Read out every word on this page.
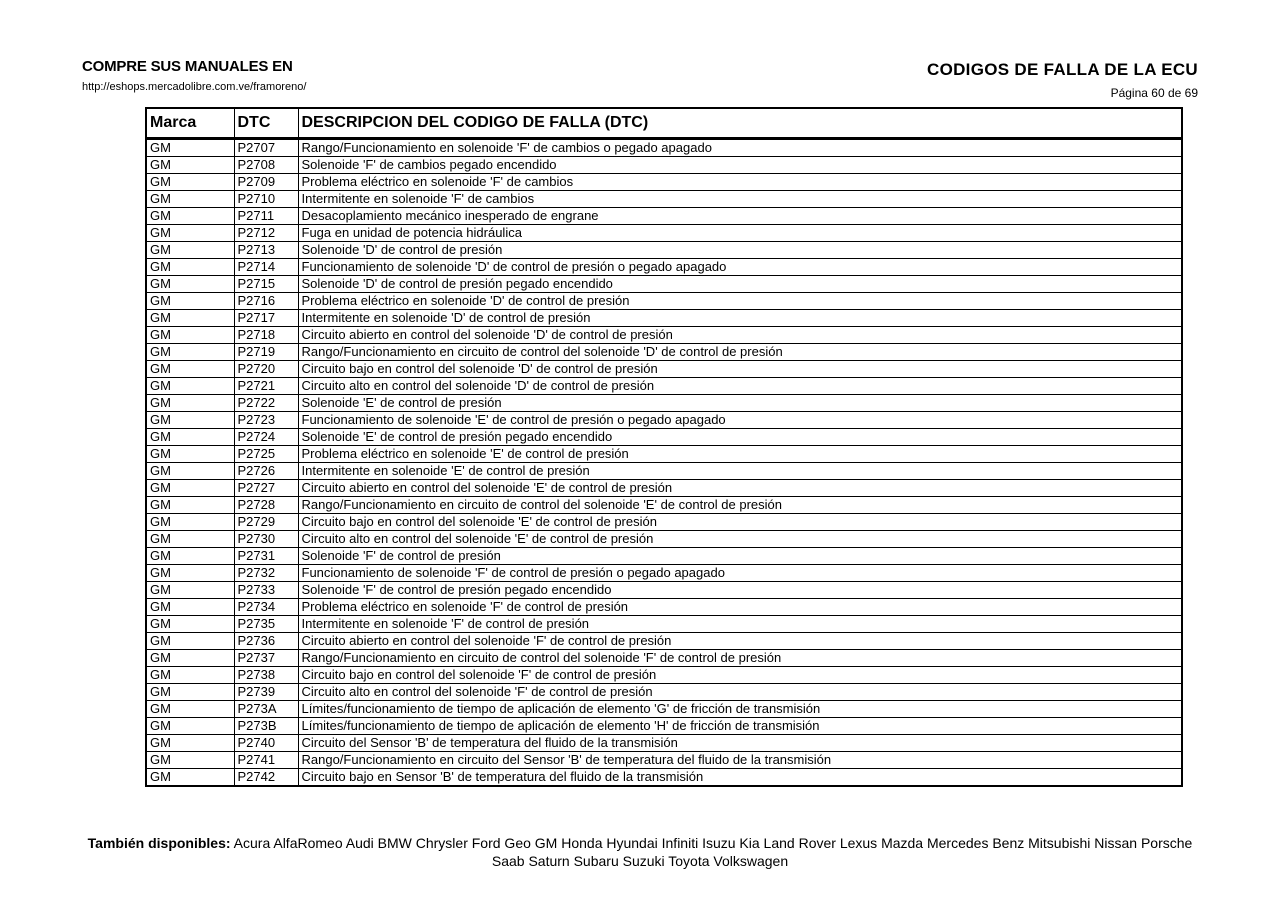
COMPRE SUS MANUALES EN
http://eshops.mercadolibre.com.ve/framoreno/
CODIGOS DE FALLA DE LA ECU
Página 60 de 69
Marca	DTC	DESCRIPCION DEL CODIGO DE FALLA (DTC)
GM	P2707	Rango/Funcionamiento en solenoide 'F' de cambios o pegado apagado
GM	P2708	Solenoide 'F' de cambios pegado encendido
GM	P2709	Problema eléctrico en solenoide 'F' de cambios
GM	P2710	Intermitente en solenoide 'F' de cambios
GM	P2711	Desacoplamiento mecánico inesperado de engrane
GM	P2712	Fuga en unidad de potencia hidráulica
GM	P2713	Solenoide 'D' de control de presión
GM	P2714	Funcionamiento de solenoide 'D' de control de presión o pegado apagado
GM	P2715	Solenoide 'D' de control de presión pegado encendido
GM	P2716	Problema eléctrico en solenoide 'D' de control de presión
GM	P2717	Intermitente en solenoide 'D' de control de presión
GM	P2718	Circuito abierto en control del solenoide 'D' de control de presión
GM	P2719	Rango/Funcionamiento en circuito de control del solenoide 'D' de control de presión
GM	P2720	Circuito bajo en control del solenoide 'D' de control de presión
GM	P2721	Circuito alto en control del solenoide 'D' de control de presión
GM	P2722	Solenoide 'E' de control de presión
GM	P2723	Funcionamiento de solenoide 'E' de control de presión o pegado apagado
GM	P2724	Solenoide 'E' de control de presión pegado encendido
GM	P2725	Problema eléctrico en solenoide 'E' de control de presión
GM	P2726	Intermitente en solenoide 'E' de control de presión
GM	P2727	Circuito abierto en control del solenoide 'E' de control de presión
GM	P2728	Rango/Funcionamiento en circuito de control del solenoide 'E' de control de presión
GM	P2729	Circuito bajo en control del solenoide 'E' de control de presión
GM	P2730	Circuito alto en control del solenoide 'E' de control de presión
GM	P2731	Solenoide 'F' de control de presión
GM	P2732	Funcionamiento de solenoide 'F' de control de presión o pegado apagado
GM	P2733	Solenoide 'F' de control de presión pegado encendido
GM	P2734	Problema eléctrico en solenoide 'F' de control de presión
GM	P2735	Intermitente en solenoide 'F' de control de presión
GM	P2736	Circuito abierto en control del solenoide 'F' de control de presión
GM	P2737	Rango/Funcionamiento en circuito de control del solenoide 'F' de control de presión
GM	P2738	Circuito bajo en control del solenoide 'F' de control de presión
GM	P2739	Circuito alto en control del solenoide 'F' de control de presión
GM	P273A	Límites/funcionamiento de tiempo de aplicación de elemento 'G' de fricción de transmisión
GM	P273B	Límites/funcionamiento de tiempo de aplicación de elemento 'H' de fricción de transmisión
GM	P2740	Circuito del Sensor 'B' de temperatura del fluido de la transmisión
GM	P2741	Rango/Funcionamiento en circuito del Sensor 'B' de temperatura del fluido de la transmisión
GM	P2742	Circuito bajo en Sensor 'B' de temperatura del fluido de la transmisión
También disponibles: Acura AlfaRomeo Audi BMW Chrysler Ford Geo GM Honda Hyundai Infiniti Isuzu Kia Land Rover Lexus Mazda Mercedes Benz Mitsubishi Nissan Porsche Saab Saturn Subaru Suzuki Toyota Volkswagen
